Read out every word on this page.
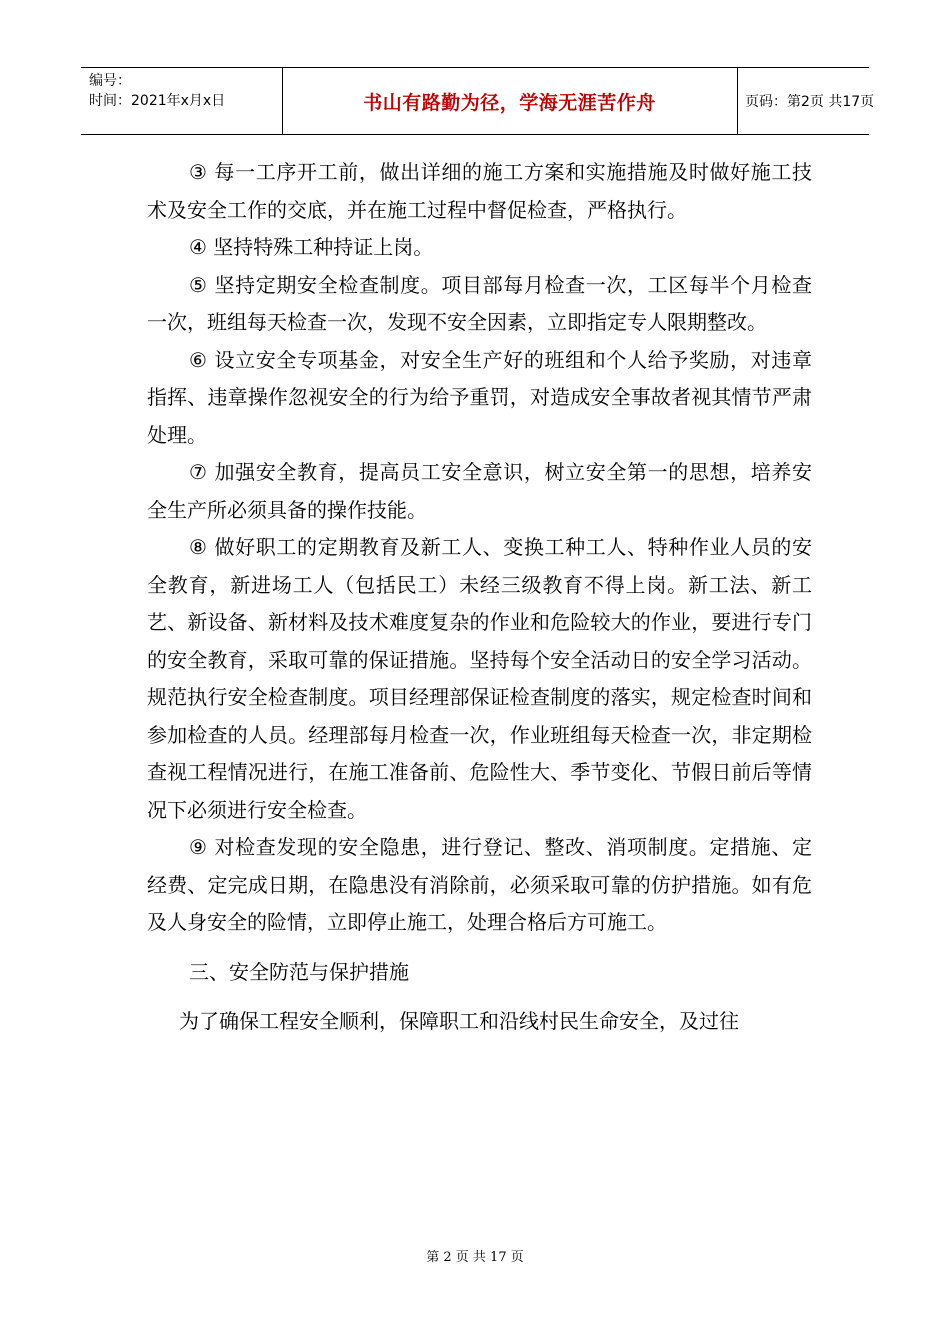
编号：
时间：2021年x月x日	书山有路勤为径，学海无涯苦作舟	页码：第2页 共17页

③ 每一工序开工前，做出详细的施工方案和实施措施及时做好施工技术及安全工作的交底，并在施工过程中督促检查，严格执行。

④ 坚持特殊工种持证上岗。

⑤ 坚持定期安全检查制度。项目部每月检查一次，工区每半个月检查一次，班组每天检查一次，发现不安全因素，立即指定专人限期整改。

⑥ 设立安全专项基金，对安全生产好的班组和个人给予奖励，对违章指挥、违章操作忽视安全的行为给予重罚，对造成安全事故者视其情节严肃处理。

⑦ 加强安全教育，提高员工安全意识，树立安全第一的思想，培养安全生产所必须具备的操作技能。

⑧ 做好职工的定期教育及新工人、变换工种工人、特种作业人员的安全教育，新进场工人（包括民工）未经三级教育不得上岗。新工法、新工艺、新设备、新材料及技术难度复杂的作业和危险较大的作业，要进行专门的安全教育，采取可靠的保证措施。坚持每个安全活动日的安全学习活动。规范执行安全检查制度。项目经理部保证检查制度的落实，规定检查时间和参加检查的人员。经理部每月检查一次，作业班组每天检查一次，非定期检查视工程情况进行，在施工准备前、危险性大、季节变化、节假日前后等情况下必须进行安全检查。

⑨ 对检查发现的安全隐患，进行登记、整改、消项制度。定措施、定经费、定完成日期，在隐患没有消除前，必须采取可靠的仿护措施。如有危及人身安全的险情，立即停止施工，处理合格后方可施工。

三、安全防范与保护措施

为了确保工程安全顺利，保障职工和沿线村民生命安全，及过往

第 2 页 共 17 页
